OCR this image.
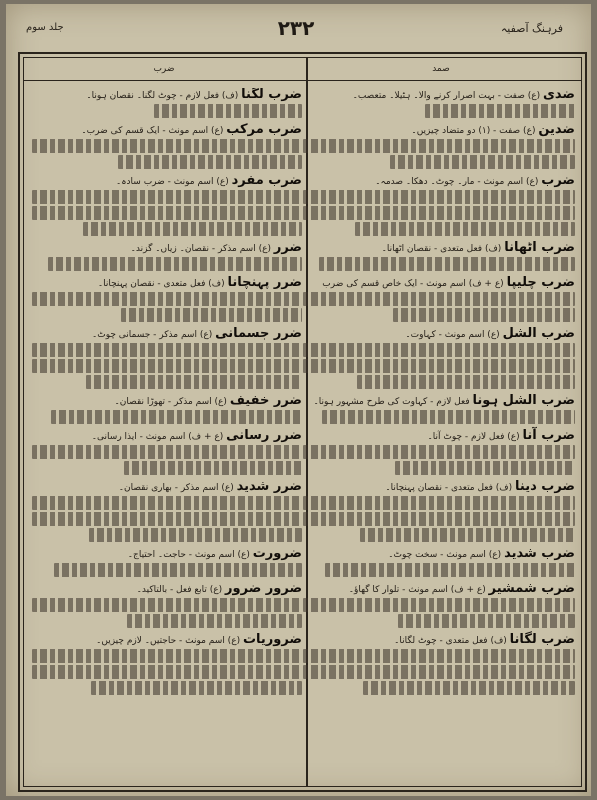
فرہنگ آصفیہ
۲۳۲
جلد سوم
صمد
ضرب
ضدی (ع) صفت - بہت اصرار کرنے والا۔ ہٹیلا۔ متعصب۔
ضدین (ع) صفت - (۱) دو متضاد چیزیں۔
ضرب (ع) اسم مونث - مار۔ چوٹ۔ دھکا۔ صدمہ۔
ضرب اٹھانا (ف) فعل متعدی - نقصان اٹھانا۔
ضرب چلیپا (ع + ف) اسم مونث - ایک خاص قسم کی ضرب
ضرب الشل (ع) اسم مونث - کہاوت۔
ضرب الشل ہونا فعل لازم - کہاوت کی طرح مشہور ہونا۔
ضرب آنا (ع) فعل لازم - چوٹ آنا۔
ضرب دینا (ف) فعل متعدی - نقصان پہنچانا۔
ضرب شدید (ع) اسم مونث - سخت چوٹ۔
ضرب شمشیر (ع + ف) اسم مونث - تلوار کا گھاؤ۔
ضرب لگانا (ف) فعل متعدی - چوٹ لگانا۔
ضرب لگنا (ف) فعل لازم - چوٹ لگنا۔ نقصان ہونا۔
ضرب مرکب (ع) اسم مونث - ایک قسم کی ضرب۔
ضرب مفرد (ع) اسم مونث - ضرب سادہ۔
ضرر (ع) اسم مذکر - نقصان۔ زیاں۔ گزند۔
ضرر پہنچانا (ف) فعل متعدی - نقصان پہنچانا۔
ضرر جسمانی (ع) اسم مذکر - جسمانی چوٹ۔
ضرر خفیف (ع) اسم مذکر - تھوڑا نقصان۔
ضرر رسانی (ع + ف) اسم مونث - ایذا رسانی۔
ضرر شدید (ع) اسم مذکر - بھاری نقصان۔
ضرورت (ع) اسم مونث - حاجت۔ احتیاج۔
ضرور ضرور (ع) تابع فعل - بالتاکید۔
ضروریات (ع) اسم مونث - حاجتیں۔ لازم چیزیں۔
